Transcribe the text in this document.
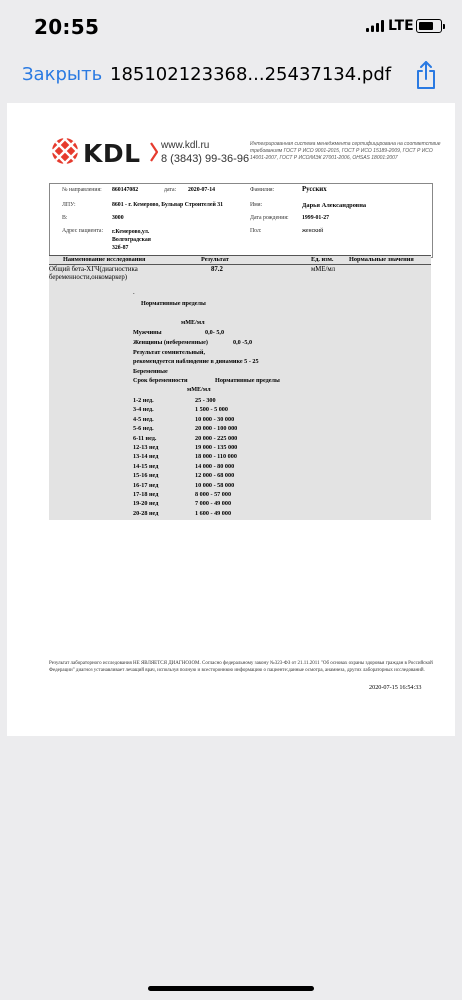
20:55	LTE
Закрыть 185102123368...25437134.pdf
KDL www.kdl.ru
8 (3843) 99-36-96
Интегрированная система менеджмента сертифицирована на соответствие требованиям ГОСТ Р ИСО 9001-2015, ГОСТ Р ИСО 15189-2009, ГОСТ Р ИСО 14001-2007, ГОСТ Р ИСО/МЭК 27001-2006, OHSAS 18001:2007
№ направления: 860147082	дата: 2020-07-14
ЛПУ:	8601 - г. Кемерово, Бульвар Строителей 31
В:	3000
Адрес пациента: г.Кемерово,ул. Волгоградская 32б-87
Фамилия:	Русских
Имя:	Дарья Александровна
Дата рождения: 1999-01-27
Пол:	женский
Наименование исследования	Результат	Ед. изм. Нормальные значения
Общий бета-ХГЧ(диагностика беременности,онкомаркер)
87.2	мМЕ/мл
.
Нормативные пределы
мМЕ/мл
Мужчины	0,0- 5,0
Женщины (небеременные)	0,0 -5,0
Результат сомнительный,
рекомендуется наблюдение в динамике 5 - 25
Беременные
Срок беременности	Нормативные пределы
мМЕ/мл
1-2 нед.	25 - 300
3-4 нед.	1 500 - 5 000
4-5 нед.	10 000 - 30 000
5-6 нед.	20 000 - 100 000
6-11 нед.	20 000 - 225 000
12-13 нед	19 000 - 135 000
13-14 нед	18 000 - 110 000
14-15 нед	14 000 - 80 000
15-16 нед	12 000 - 68 000
16-17 нед	10 000 - 58 000
17-18 нед	8 000 - 57 000
19-20 нед	7 000 - 49 000
20-28 нед	1 600 - 49 000
Результат лабораторного исследования НЕ ЯВЛЯЕТСЯ ДИАГНОЗОМ. Согласно федеральному закону №323-ФЗ от 21.11.2011 "Об основах охраны здоровья граждан в Российской Федерации" диагноз устанавливает лечащий врач, используя полную и всестороннюю информацию о пациенте:данные осмотра, анамнеза, других лабораторных исследований.
2020-07-15 16:54:33
